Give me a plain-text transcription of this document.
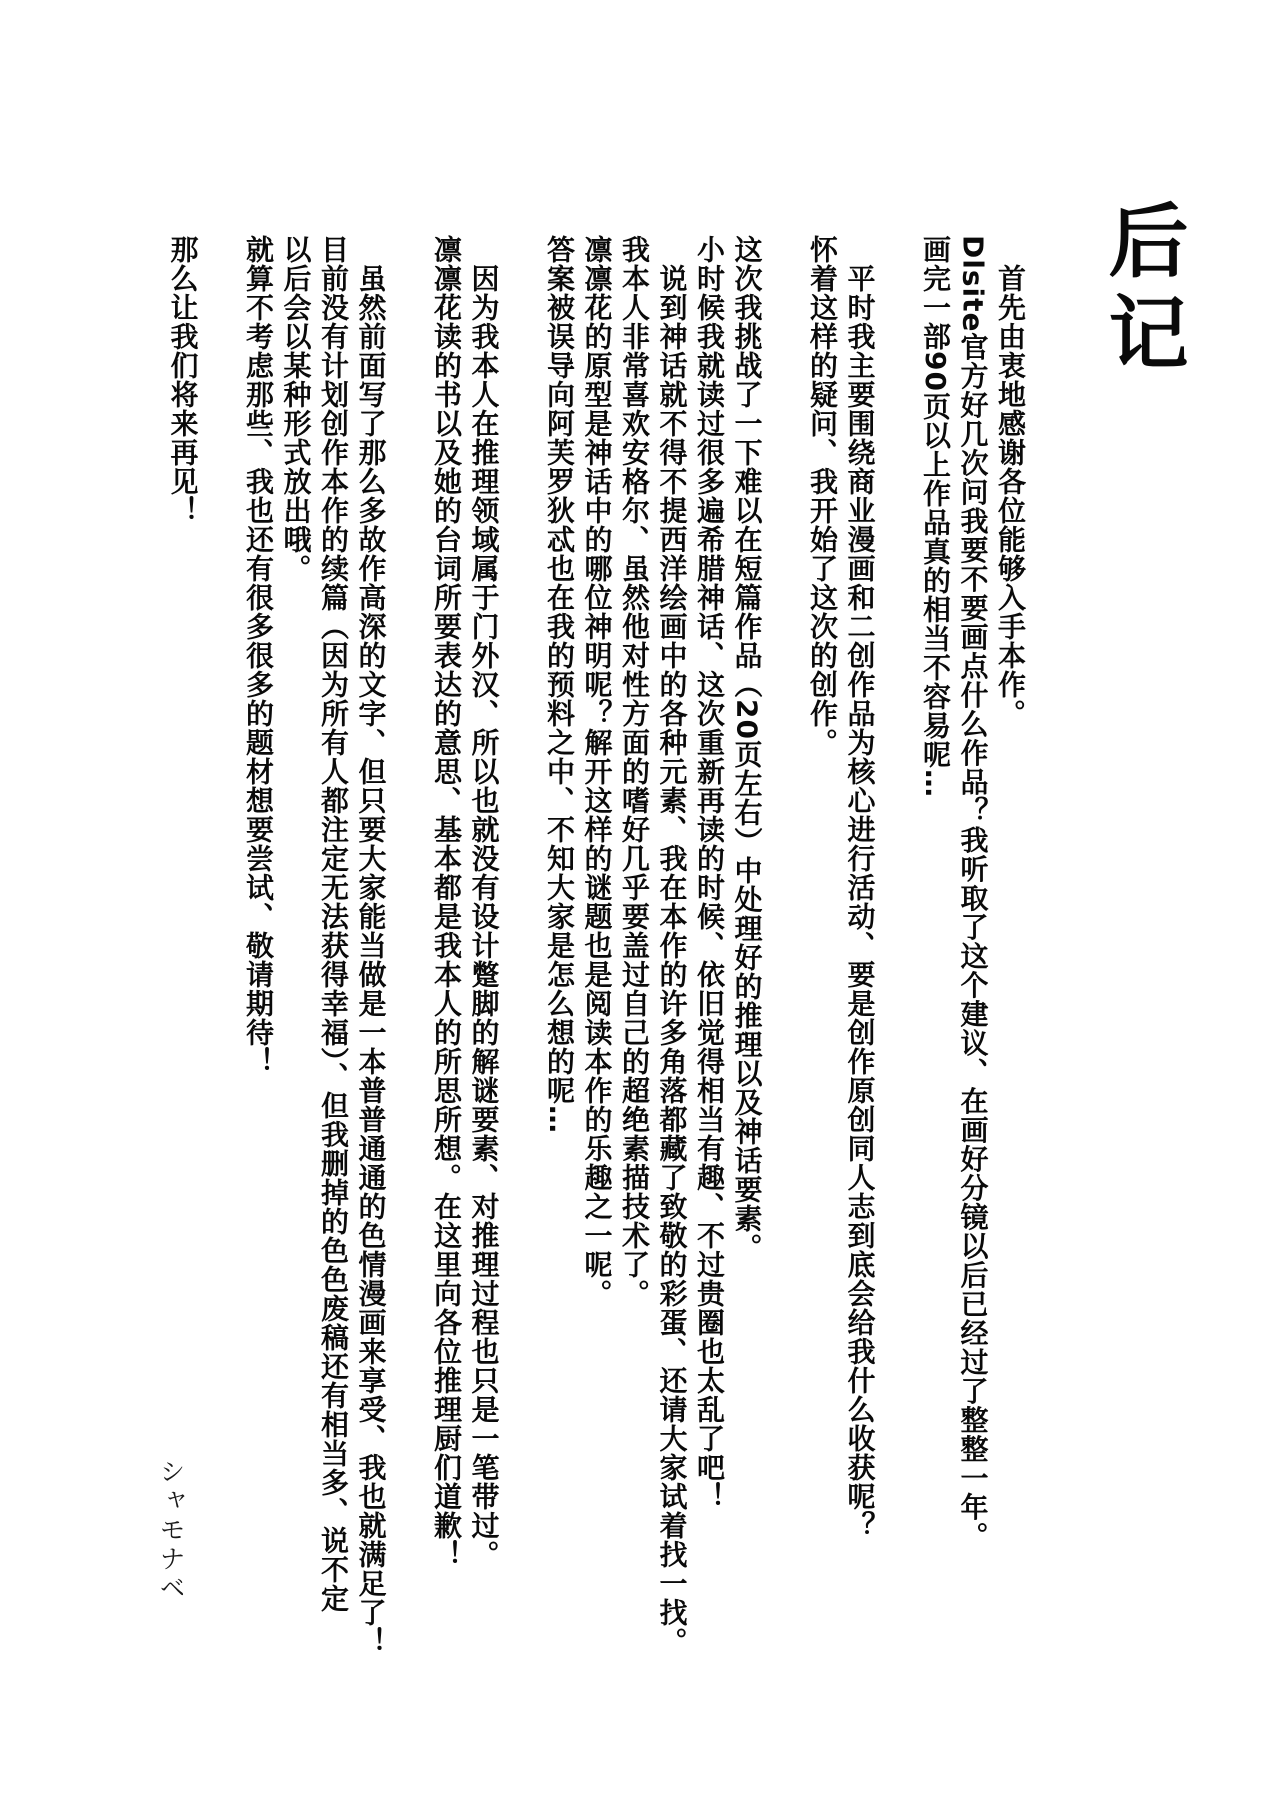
后记

　首先由衷地感谢各位能够入手本作。
Dlsite官方好几次问我要不要画点什么作品？我听取了这个建议、在画好分镜以后已经过了整整一年。
画完一部90页以上作品真的相当不容易呢…

　平时我主要围绕商业漫画和二创作品为核心进行活动、要是创作原创同人志到底会给我什么收获呢？
怀着这样的疑问、我开始了这次的创作。

这次我挑战了一下难以在短篇作品（20页左右）中处理好的推理以及神话要素。
小时候我就读过很多遍希腊神话、这次重新再读的时候、依旧觉得相当有趣、不过贵圈也太乱了吧！
　说到神话就不得不提西洋绘画中的各种元素、我在本作的许多角落都藏了致敬的彩蛋、还请大家试着找一找。
我本人非常喜欢安格尔、虽然他对性方面的嗜好几乎要盖过自己的超绝素描技术了。
凛凛花的原型是神话中的哪位神明呢？解开这样的谜题也是阅读本作的乐趣之一呢。
答案被误导向阿芙罗狄忒也在我的预料之中、不知大家是怎么想的呢…

　因为我本人在推理领域属于门外汉、所以也就没有设计蹩脚的解谜要素、对推理过程也只是一笔带过。
凛凛花读的书以及她的台词所要表达的意思、基本都是我本人的所思所想。在这里向各位推理厨们道歉！

　虽然前面写了那么多故作高深的文字、但只要大家能当做是一本普普通通的色情漫画来享受、我也就满足了！
目前没有计划创作本作的续篇（因为所有人都注定无法获得幸福）、但我删掉的色色废稿还有相当多、说不定
以后会以某种形式放出哦。
就算不考虑那些、我也还有很多很多的题材想要尝试、敬请期待！

那么让我们将来再见！

シャモナベ
